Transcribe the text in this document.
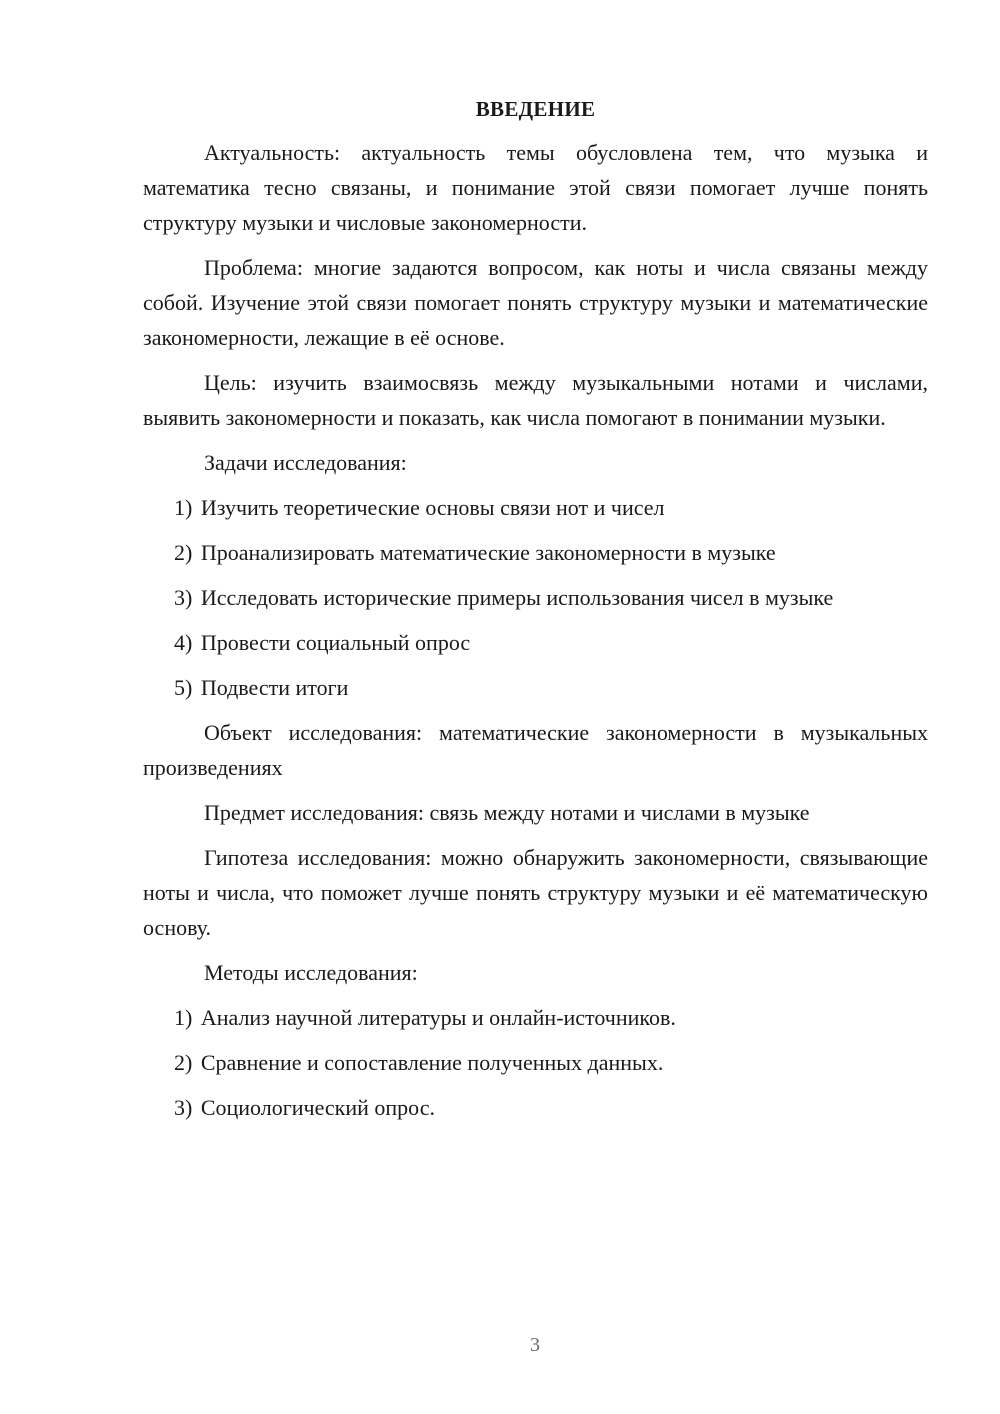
ВВЕДЕНИЕ

Актуальность: актуальность темы обусловлена тем, что музыка и математика тесно связаны, и понимание этой связи помогает лучше понять структуру музыки и числовые закономерности.

Проблема: многие задаются вопросом, как ноты и числа связаны между собой. Изучение этой связи помогает понять структуру музыки и математические закономерности, лежащие в её основе.

Цель: изучить взаимосвязь между музыкальными нотами и числами, выявить закономерности и показать, как числа помогают в понимании музыки.

Задачи исследования:

1) Изучить теоретические основы связи нот и чисел
2) Проанализировать математические закономерности в музыке
3) Исследовать исторические примеры использования чисел в музыке
4) Провести социальный опрос
5) Подвести итоги

Объект исследования: математические закономерности в музыкальных произведениях

Предмет исследования: связь между нотами и числами в музыке

Гипотеза исследования: можно обнаружить закономерности, связывающие ноты и числа, что поможет лучше понять структуру музыки и её математическую основу.

Методы исследования:

1) Анализ научной литературы и онлайн-источников.
2) Сравнение и сопоставление полученных данных.
3) Социологический опрос.
3
